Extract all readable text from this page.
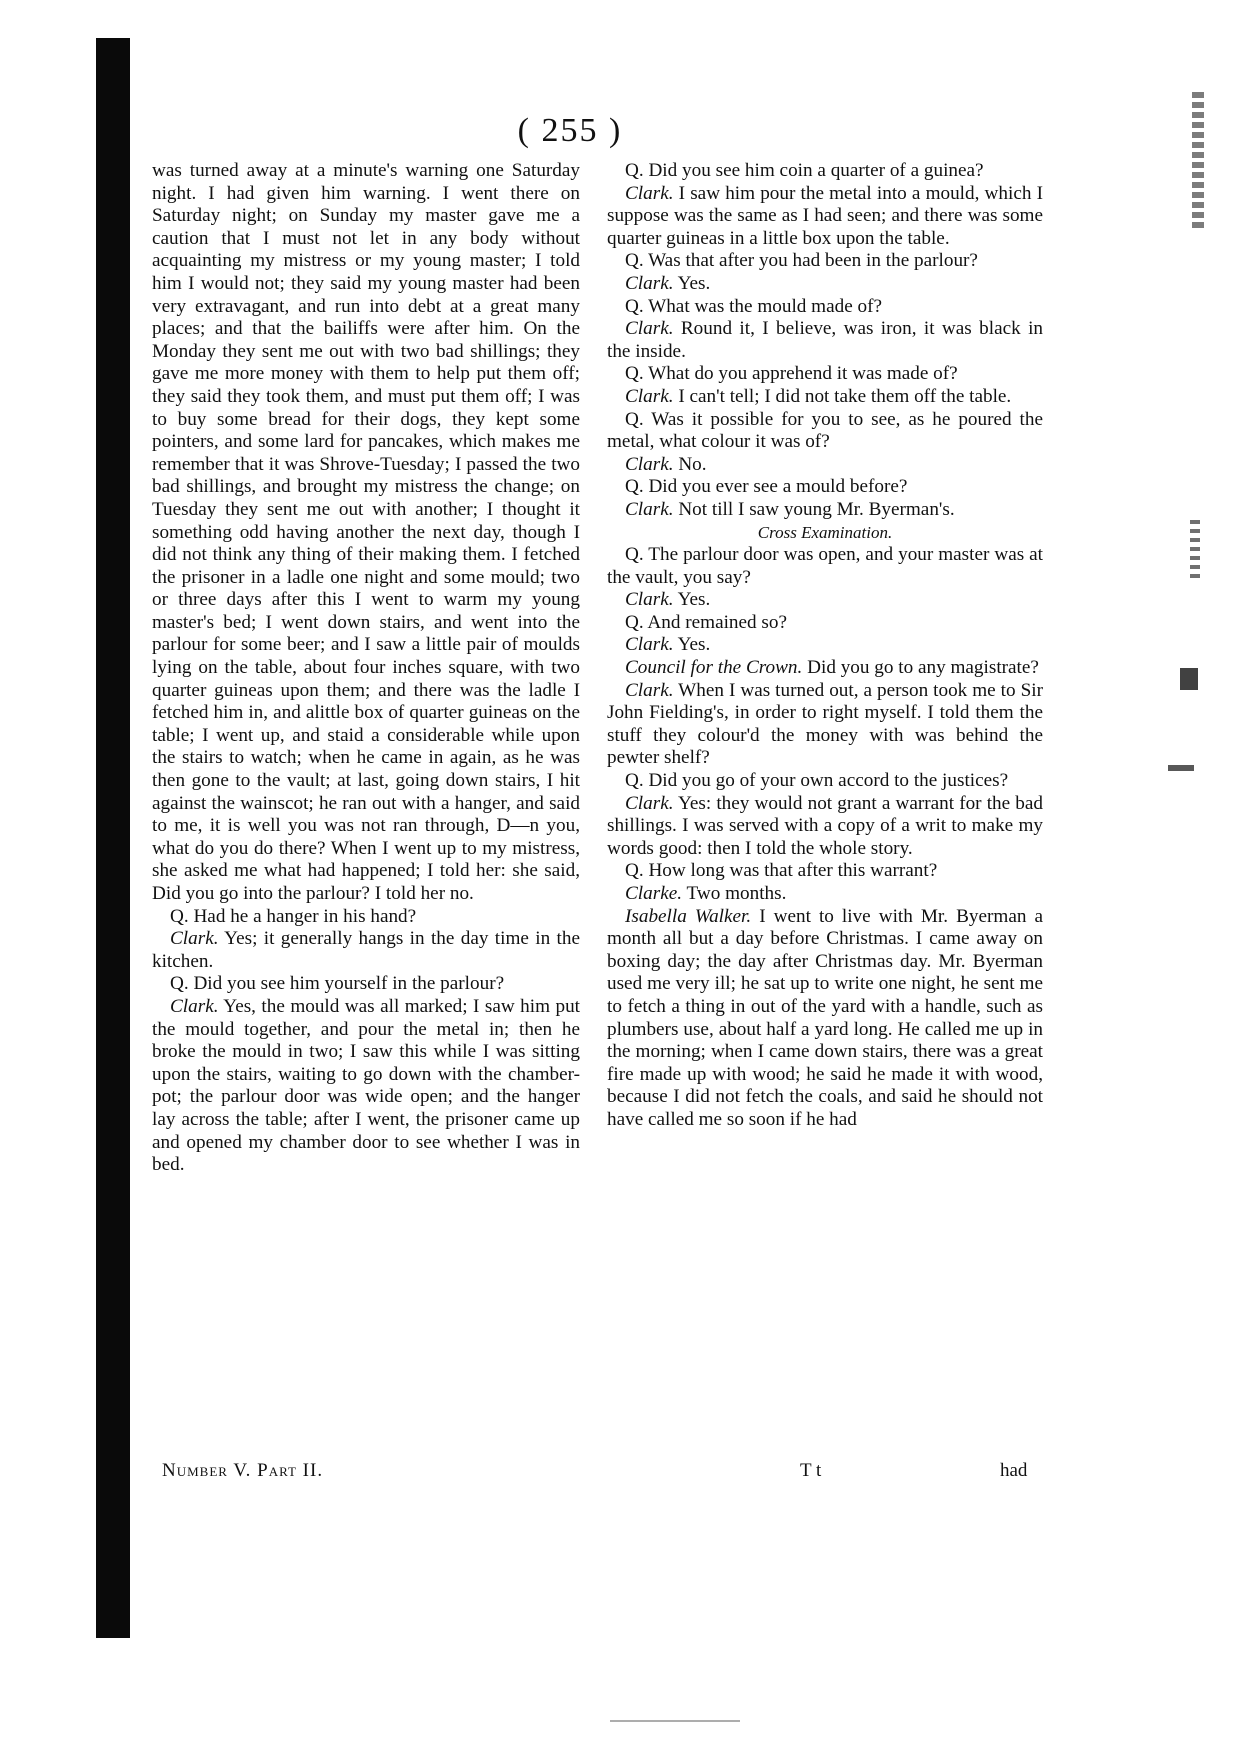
( 255 )

was turned away at a minute's warning one Saturday night. I had given him warning. I went there on Saturday night; on Sunday my master gave me a caution that I must not let in any body without acquainting my mistress or my young master; I told him I would not; they said my young master had been very extravagant, and run into debt at a great many places; and that the bailiffs were after him. On the Monday they sent me out with two bad shillings; they gave me more money with them to help put them off; they said they took them, and must put them off; I was to buy some bread for their dogs, they kept some pointers, and some lard for pancakes, which makes me remember that it was Shrove-Tuesday; I passed the two bad shillings, and brought my mistress the change; on Tuesday they sent me out with another; I thought it something odd having another the next day, though I did not think any thing of their making them. I fetched the prisoner in a ladle one night and some mould; two or three days after this I went to warm my young master's bed; I went down stairs, and went into the parlour for some beer; and I saw a little pair of moulds lying on the table, about four inches square, with two quarter guineas upon them; and there was the ladle I fetched him in, and alittle box of quarter guineas on the table; I went up, and staid a considerable while upon the stairs to watch; when he came in again, as he was then gone to the vault; at last, going down stairs, I hit against the wainscot; he ran out with a hanger, and said to me, it is well you was not ran through, D—n you, what do you do there? When I went up to my mistress, she asked me what had happened; I told her: she said, Did you go into the parlour? I told her no.

Q. Had he a hanger in his hand?

Clark. Yes; it generally hangs in the day time in the kitchen.

Q. Did you see him yourself in the parlour?

Clark. Yes, the mould was all marked; I saw him put the mould together, and pour the metal in; then he broke the mould in two; I saw this while I was sitting upon the stairs, waiting to go down with the chamber-pot; the parlour door was wide open; and the hanger lay across the table; after I went, the prisoner came up and opened my chamber door to see whether I was in bed.

Q. Did you see him coin a quarter of a guinea?

Clark. I saw him pour the metal into a mould, which I suppose was the same as I had seen; and there was some quarter guineas in a little box upon the table.

Q. Was that after you had been in the parlour?

Clark. Yes.

Q. What was the mould made of?

Clark. Round it, I believe, was iron, it was black in the inside.

Q. What do you apprehend it was made of?

Clark. I can't tell; I did not take them off the table.

Q. Was it possible for you to see, as he poured the metal, what colour it was of?

Clark. No.

Q. Did you ever see a mould before?

Clark. Not till I saw young Mr. Byerman's.

Cross Examination.

Q. The parlour door was open, and your master was at the vault, you say?

Clark. Yes.

Q. And remained so?

Clark. Yes.

Council for the Crown. Did you go to any magistrate?

Clark. When I was turned out, a person took me to Sir John Fielding's, in order to right myself. I told them the stuff they colour'd the money with was behind the pewter shelf?

Q. Did you go of your own accord to the justices?

Clark. Yes: they would not grant a warrant for the bad shillings. I was served with a copy of a writ to make my words good: then I told the whole story.

Q. How long was that after this warrant?

Clarke. Two months.

Isabella Walker. I went to live with Mr. Byerman a month all but a day before Christmas. I came away on boxing day; the day after Christmas day. Mr. Byerman used me very ill; he sat up to write one night, he sent me to fetch a thing in out of the yard with a handle, such as plumbers use, about half a yard long. He called me up in the morning; when I came down stairs, there was a great fire made up with wood; he said he made it with wood, because I did not fetch the coals, and said he should not have called me so soon if he had

Number V. Part II.	T t	had
